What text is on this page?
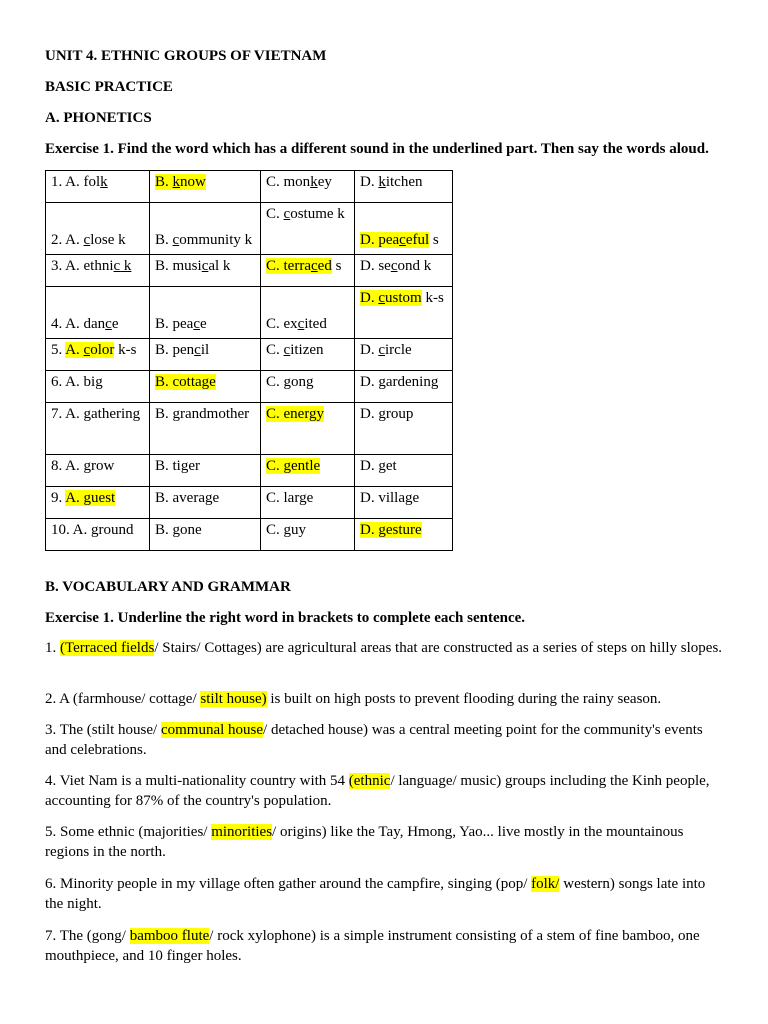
UNIT 4. ETHNIC GROUPS OF VIETNAM
BASIC PRACTICE
A. PHONETICS
Exercise 1. Find the word which has a different sound in the underlined part. Then say the words aloud.
1. A. folk	B. know	C. monkey	D. kitchen
2. A. close k	B. community k	C. costume k	D. peaceful s
3. A. ethnic k	B. musical k	C. terraced s	D. second k
4. A. dance	B. peace	C. excited	D. custom k-s
5. A. color k-s	B. pencil	C. citizen	D. circle
6. A. big	B. cottage	C. gong	D. gardening
7. A. gathering	B. grandmother	C. energy	D. group
8. A. grow	B. tiger	C. gentle	D. get
9. A. guest	B. average	C. large	D. village
10. A. ground	B. gone	C. guy	D. gesture
B. VOCABULARY AND GRAMMAR
Exercise 1. Underline the right word in brackets to complete each sentence.
1. (Terraced fields/ Stairs/ Cottages) are agricultural areas that are constructed as a series of steps on hilly slopes.
2. A (farmhouse/ cottage/ stilt house) is built on high posts to prevent flooding during the rainy season.
3. The (stilt house/ communal house/ detached house) was a central meeting point for the community's events and celebrations.
4. Viet Nam is a multi-nationality country with 54 (ethnic/ language/ music) groups including the Kinh people, accounting for 87% of the country's population.
5. Some ethnic (majorities/ minorities/ origins) like the Tay, Hmong, Yao... live mostly in the mountainous regions in the north.
6. Minority people in my village often gather around the campfire, singing (pop/ folk/ western) songs late into the night.
7. The (gong/ bamboo flute/ rock xylophone) is a simple instrument consisting of a stem of fine bamboo, one mouthpiece, and 10 finger holes.
